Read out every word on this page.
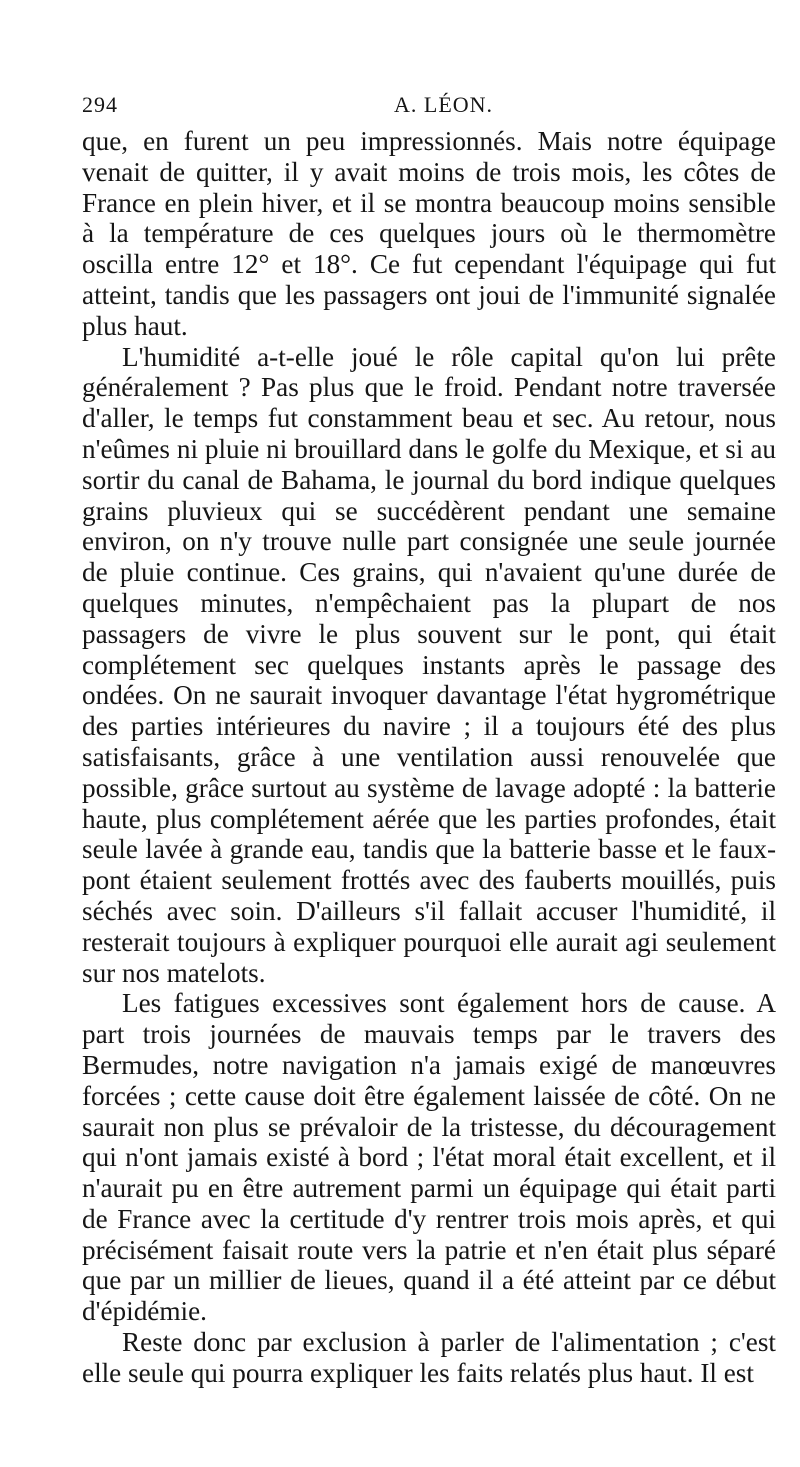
294	A. LÉON.

que, en furent un peu impressionnés. Mais notre équipage venait de quitter, il y avait moins de trois mois, les côtes de France en plein hiver, et il se montra beaucoup moins sensible à la température de ces quelques jours où le thermomètre oscilla entre 12° et 18°. Ce fut cependant l'équipage qui fut atteint, tandis que les passagers ont joui de l'immunité signalée plus haut.

L'humidité a-t-elle joué le rôle capital qu'on lui prête généralement ? Pas plus que le froid. Pendant notre traversée d'aller, le temps fut constamment beau et sec. Au retour, nous n'eûmes ni pluie ni brouillard dans le golfe du Mexique, et si au sortir du canal de Bahama, le journal du bord indique quelques grains pluvieux qui se succédèrent pendant une semaine environ, on n'y trouve nulle part consignée une seule journée de pluie continue. Ces grains, qui n'avaient qu'une durée de quelques minutes, n'empêchaient pas la plupart de nos passagers de vivre le plus souvent sur le pont, qui était complétement sec quelques instants après le passage des ondées. On ne saurait invoquer davantage l'état hygrométrique des parties intérieures du navire ; il a toujours été des plus satisfaisants, grâce à une ventilation aussi renouvelée que possible, grâce surtout au système de lavage adopté : la batterie haute, plus complétement aérée que les parties profondes, était seule lavée à grande eau, tandis que la batterie basse et le faux-pont étaient seulement frottés avec des fauberts mouillés, puis séchés avec soin. D'ailleurs s'il fallait accuser l'humidité, il resterait toujours à expliquer pourquoi elle aurait agi seulement sur nos matelots.

Les fatigues excessives sont également hors de cause. A part trois journées de mauvais temps par le travers des Bermudes, notre navigation n'a jamais exigé de manœuvres forcées ; cette cause doit être également laissée de côté. On ne saurait non plus se prévaloir de la tristesse, du découragement qui n'ont jamais existé à bord ; l'état moral était excellent, et il n'aurait pu en être autrement parmi un équipage qui était parti de France avec la certitude d'y rentrer trois mois après, et qui précisément faisait route vers la patrie et n'en était plus séparé que par un millier de lieues, quand il a été atteint par ce début d'épidémie.

Reste donc par exclusion à parler de l'alimentation ; c'est elle seule qui pourra expliquer les faits relatés plus haut. Il est
